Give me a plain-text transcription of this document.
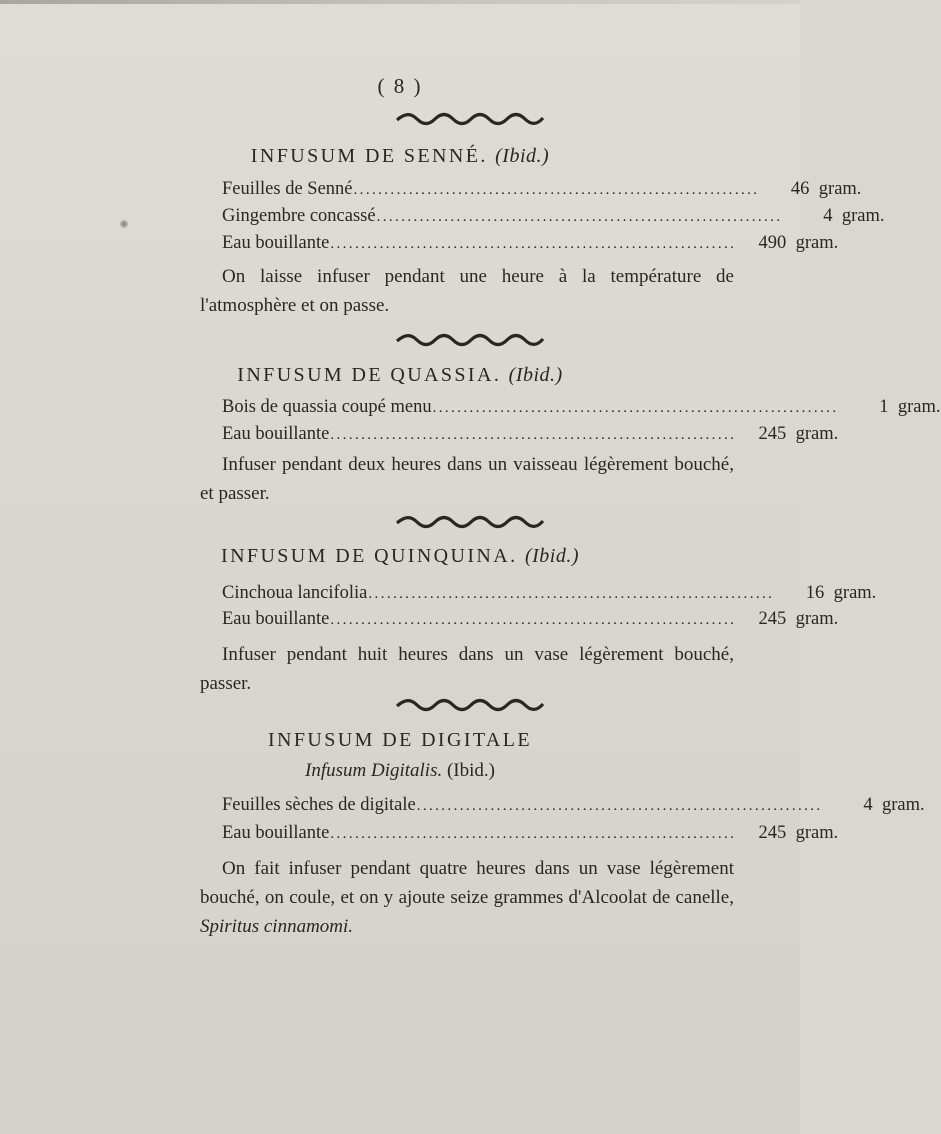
( 8 )
INFUSUM DE SENNÉ. (Ibid.)
Feuilles de Senné ..................................................................	46 gram.
Gingembre concassé ..................................................................	4 gram.
Eau bouillante ..................................................................	490 gram.
On laisse infuser pendant une heure à la température de l'atmosphère et on passe.
INFUSUM DE QUASSIA. (Ibid.)
Bois de quassia coupé menu ..................................................................	1 gram.
Eau bouillante ..................................................................	245 gram.
Infuser pendant deux heures dans un vaisseau légèrement bouché, et passer.
INFUSUM DE QUINQUINA. (Ibid.)
Cinchoua lancifolia ..................................................................	16 gram.
Eau bouillante ..................................................................	245 gram.
Infuser pendant huit heures dans un vase légèrement bouché, passer.
INFUSUM DE DIGITALE
Infusum Digitalis. (Ibid.)
Feuilles sèches de digitale ..................................................................	4 gram.
Eau bouillante ..................................................................	245 gram.
On fait infuser pendant quatre heures dans un vase légèrement bouché, on coule, et on y ajoute seize grammes d'Alcoolat de canelle, Spiritus cinnamomi.
